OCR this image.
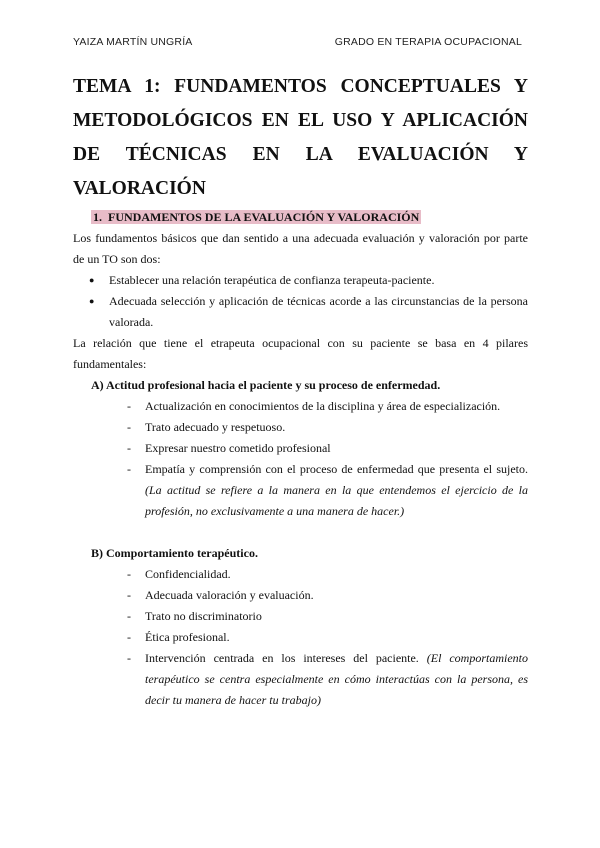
YAIZA MARTÍN UNGRÍA	GRADO EN TERAPIA OCUPACIONAL
TEMA 1: FUNDAMENTOS CONCEPTUALES Y METODOLÓGICOS EN EL USO Y APLICACIÓN DE TÉCNICAS EN LA EVALUACIÓN Y VALORACIÓN
1. FUNDAMENTOS DE LA EVALUACIÓN Y VALORACIÓN
Los fundamentos básicos que dan sentido a una adecuada evaluación y valoración por parte
de un TO son dos:
●	Establecer una relación terapéutica de confianza terapeuta-paciente.
●	Adecuada selección y aplicación de técnicas acorde a las circunstancias de la persona valorada.
La relación que tiene el etrapeuta ocupacional con su paciente se basa en 4 pilares
fundamentales:
A) Actitud profesional hacia el paciente y su proceso de enfermedad.
-	Actualización en conocimientos de la disciplina y área de especialización.
-	Trato adecuado y respetuoso.
-	Expresar nuestro cometido profesional
-	Empatía y comprensión con el proceso de enfermedad que presenta el sujeto. (La actitud se refiere a la manera en la que entendemos el ejercicio de la profesión, no exclusivamente a una manera de hacer.)
B) Comportamiento terapéutico.
-	Confidencialidad.
-	Adecuada valoración y evaluación.
-	Trato no discriminatorio
-	Ética profesional.
-	Intervención centrada en los intereses del paciente. (El comportamiento terapéutico se centra especialmente en cómo interactúas con la persona, es decir tu manera de hacer tu trabajo)
